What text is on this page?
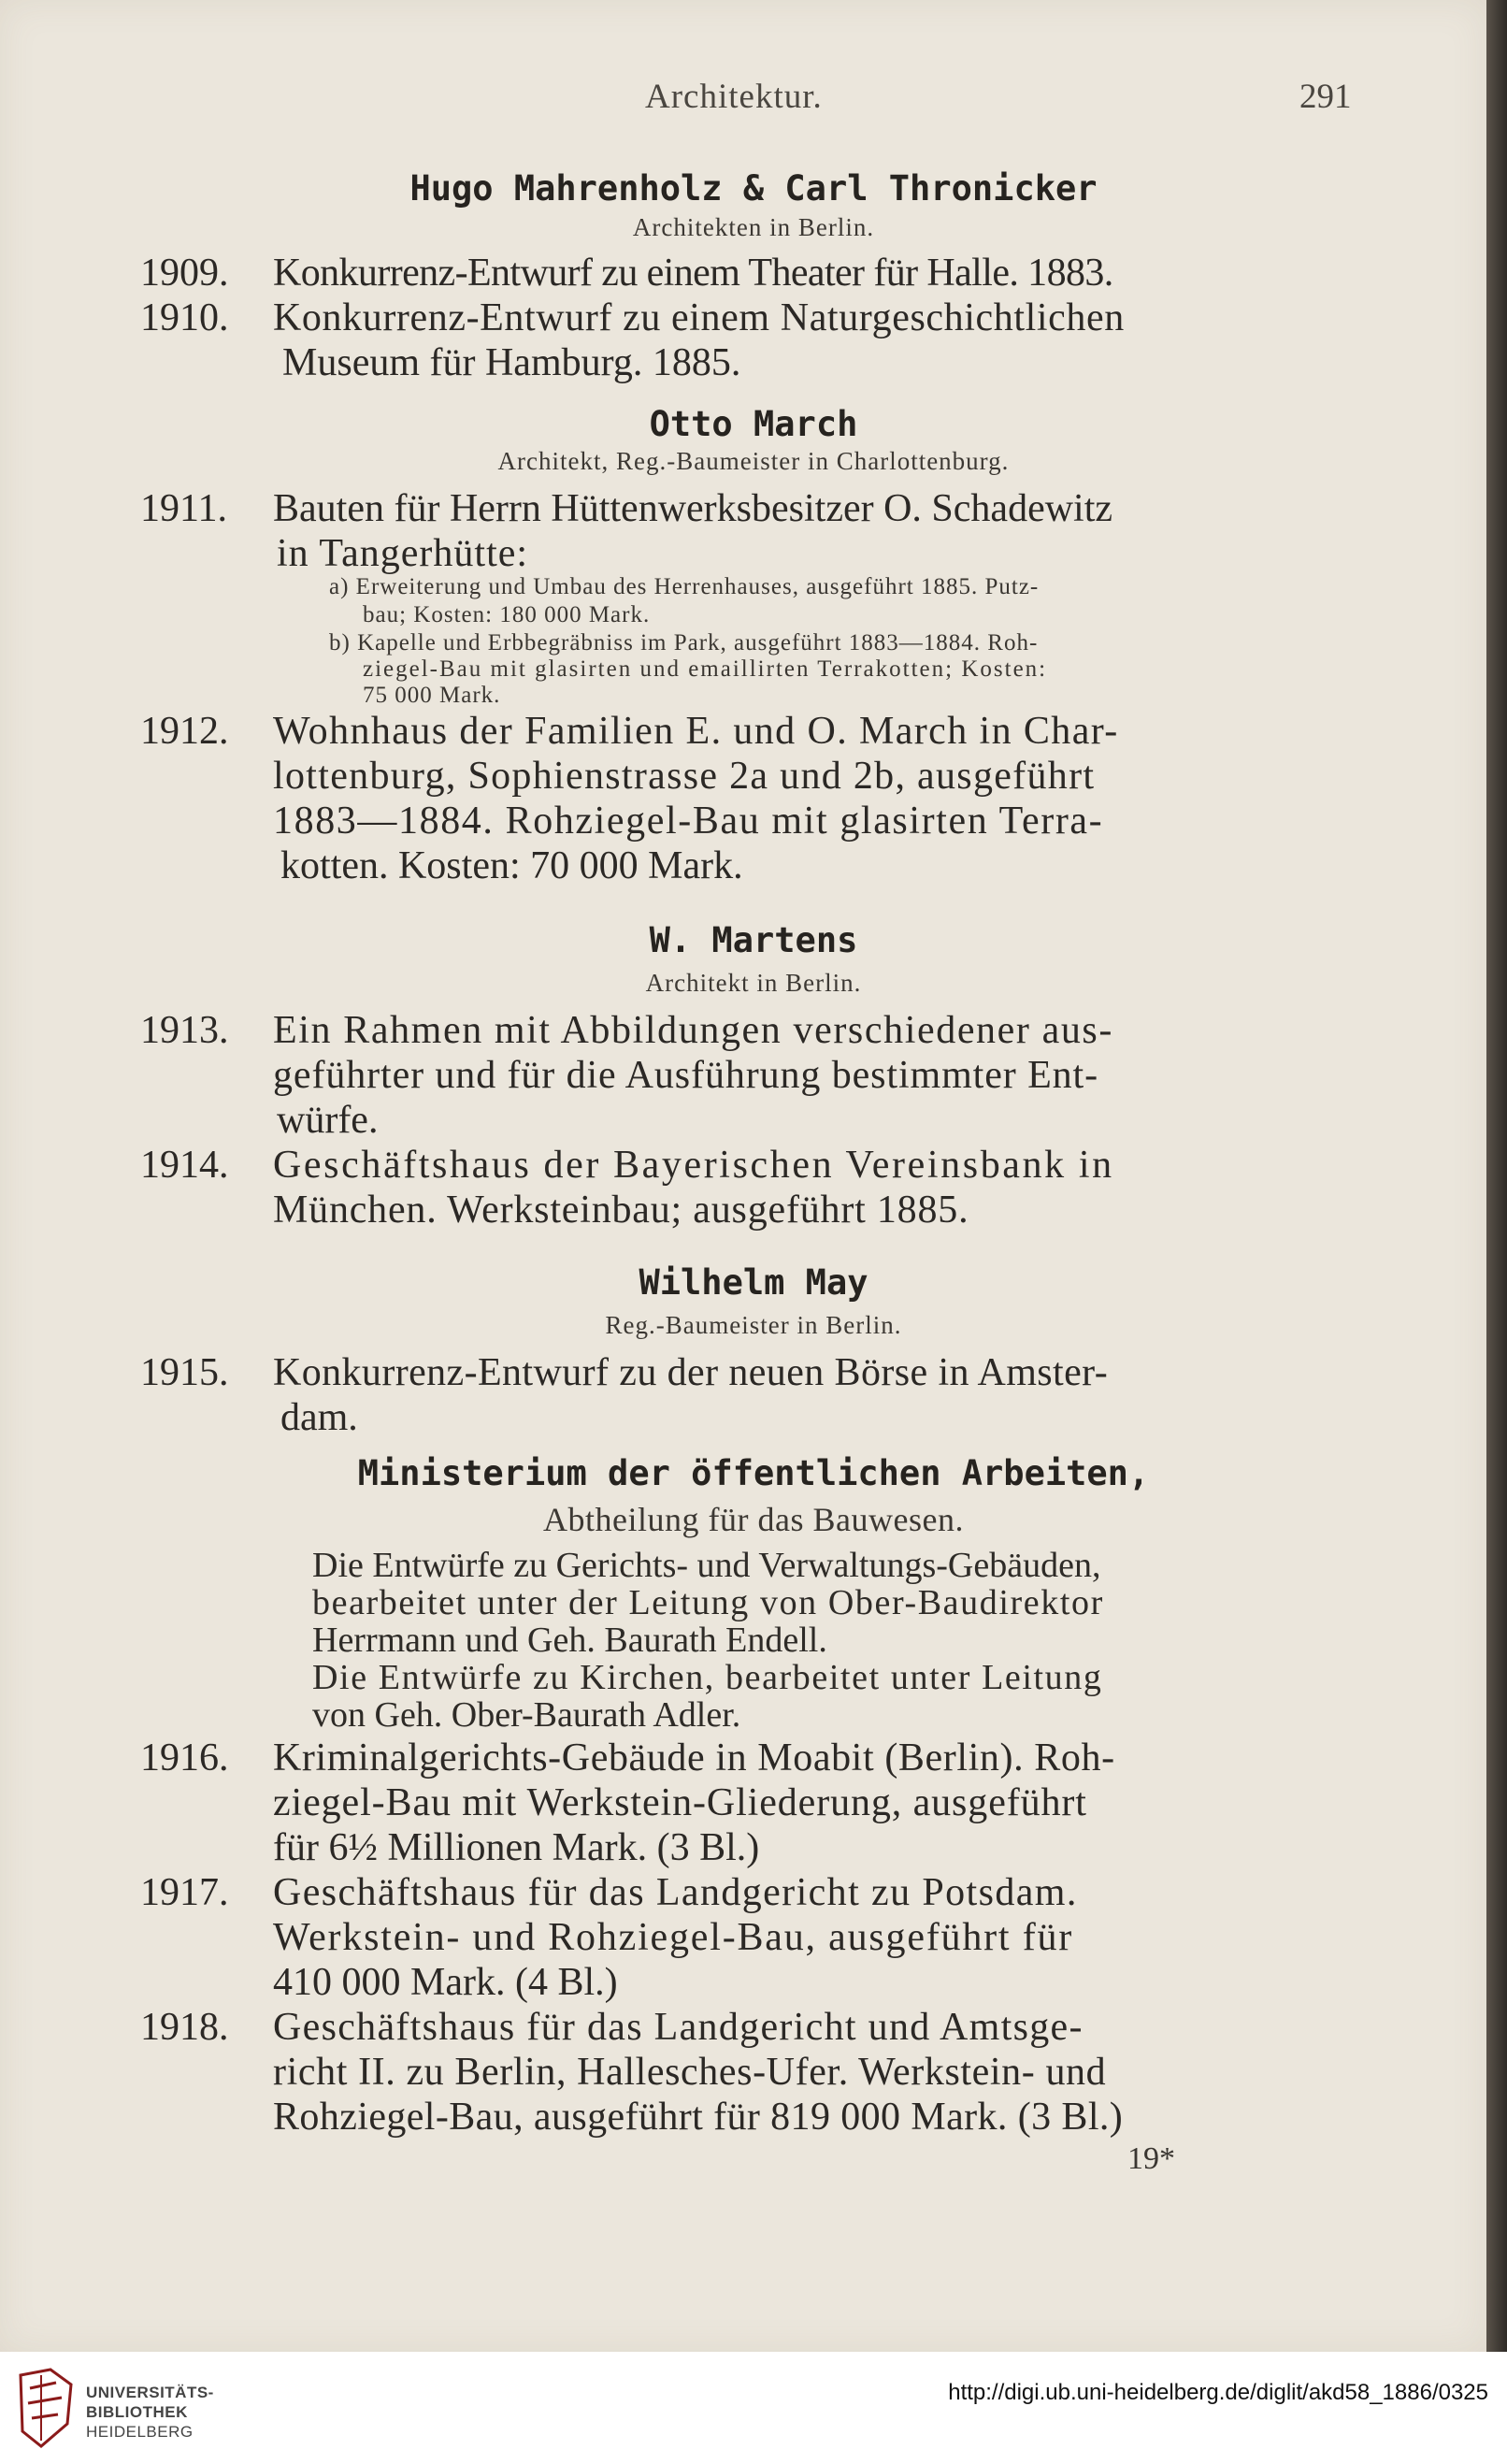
Architektur.	291
Hugo Mahrenholz & Carl Thronicker
Architekten in Berlin.
1909. Konkurrenz-Entwurf zu einem Theater für Halle. 1883.
1910. Konkurrenz-Entwurf zu einem Naturgeschichtlichen
Museum für Hamburg. 1885.
Otto March
Architekt, Reg.-Baumeister in Charlottenburg.
1911. Bauten für Herrn Hüttenwerksbesitzer O. Schadewitz
in Tangerhütte:
a) Erweiterung und Umbau des Herrenhauses, ausgeführt 1885. Putz-
bau; Kosten: 180 000 Mark.
b) Kapelle und Erbbegräbniss im Park, ausgeführt 1883—1884. Roh-
ziegel-Bau mit glasirten und emaillirten Terrakotten; Kosten:
75 000 Mark.
1912. Wohnhaus der Familien E. und O. March in Char-
lottenburg, Sophienstrasse 2a und 2b, ausgeführt
1883—1884. Rohziegel-Bau mit glasirten Terra-
kotten. Kosten: 70 000 Mark.
W. Martens
Architekt in Berlin.
1913. Ein Rahmen mit Abbildungen verschiedener aus-
geführter und für die Ausführung bestimmter Ent-
würfe.
1914. Geschäftshaus der Bayerischen Vereinsbank in
München. Werksteinbau; ausgeführt 1885.
Wilhelm May
Reg.-Baumeister in Berlin.
1915. Konkurrenz-Entwurf zu der neuen Börse in Amster-
dam.
Ministerium der öffentlichen Arbeiten,
Abtheilung für das Bauwesen.
Die Entwürfe zu Gerichts- und Verwaltungs-Gebäuden,
bearbeitet unter der Leitung von Ober-Baudirektor
Herrmann und Geh. Baurath Endell.
Die Entwürfe zu Kirchen, bearbeitet unter Leitung
von Geh. Ober-Baurath Adler.
1916. Kriminalgerichts-Gebäude in Moabit (Berlin). Roh-
ziegel-Bau mit Werkstein-Gliederung, ausgeführt
für 6½ Millionen Mark. (3 Bl.)
1917. Geschäftshaus für das Landgericht zu Potsdam.
Werkstein- und Rohziegel-Bau, ausgeführt für
410 000 Mark. (4 Bl.)
1918. Geschäftshaus für das Landgericht und Amtsge-
richt II. zu Berlin, Hallesches-Ufer. Werkstein- und
Rohziegel-Bau, ausgeführt für 819 000 Mark. (3 Bl.)
19*
UNIVERSITÄTS-
BIBLIOTHEK
HEIDELBERG
http://digi.ub.uni-heidelberg.de/diglit/akd58_1886/0325
